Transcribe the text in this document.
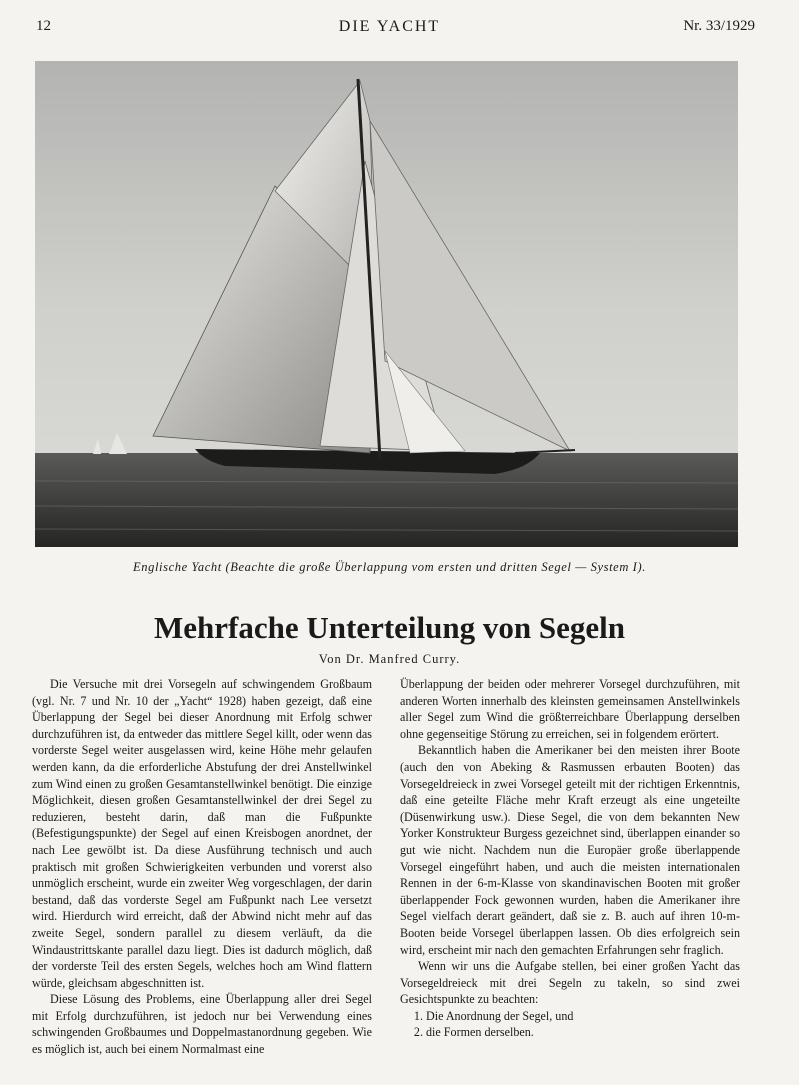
12	DIE YACHT	Nr. 33/1929
Englische Yacht (Beachte die große Überlappung vom ersten und dritten Segel — System I).
Mehrfache Unterteilung von Segeln
Von Dr. Manfred Curry.

Die Versuche mit drei Vorsegeln auf schwingendem Großbaum (vgl. Nr. 7 und Nr. 10 der „Yacht“ 1928) haben gezeigt, daß eine Überlappung der Segel bei dieser Anordnung mit Erfolg schwer durchzuführen ist, da entweder das mittlere Segel killt, oder wenn das vorderste Segel weiter ausgelassen wird, keine Höhe mehr gelaufen werden kann, da die erforderliche Abstufung der drei Anstellwinkel zum Wind einen zu großen Gesamtanstellwinkel benötigt. Die einzige Möglichkeit, diesen großen Gesamtanstellwinkel der drei Segel zu reduzieren, besteht darin, daß man die Fußpunkte (Befestigungspunkte) der Segel auf einen Kreisbogen anordnet, der nach Lee gewölbt ist. Da diese Ausführung technisch und auch praktisch mit großen Schwierigkeiten verbunden und vorerst also unmöglich erscheint, wurde ein zweiter Weg vorgeschlagen, der darin bestand, daß das vorderste Segel am Fußpunkt nach Lee versetzt wird. Hierdurch wird erreicht, daß der Abwind nicht mehr auf das zweite Segel, sondern parallel zu diesem verläuft, da die Windaustrittskante parallel dazu liegt. Dies ist dadurch möglich, daß der vorderste Teil des ersten Segels, welches hoch am Wind flattern würde, gleichsam abgeschnitten ist.

Diese Lösung des Problems, eine Überlappung aller drei Segel mit Erfolg durchzuführen, ist jedoch nur bei Verwendung eines schwingenden Großbaumes und Doppelmastanordnung gegeben. Wie es möglich ist, auch bei einem Normalmast eine

Überlappung der beiden oder mehrerer Vorsegel durchzuführen, mit anderen Worten innerhalb des kleinsten gemeinsamen Anstellwinkels aller Segel zum Wind die größterreichbare Überlappung derselben ohne gegenseitige Störung zu erreichen, sei in folgendem erörtert.

Bekanntlich haben die Amerikaner bei den meisten ihrer Boote (auch den von Abeking & Rasmussen erbauten Booten) das Vorsegeldreieck in zwei Vorsegel geteilt mit der richtigen Erkenntnis, daß eine geteilte Fläche mehr Kraft erzeugt als eine ungeteilte (Düsenwirkung usw.). Diese Segel, die von dem bekannten New Yorker Konstrukteur Burgess gezeichnet sind, überlappen einander so gut wie nicht. Nachdem nun die Europäer große überlappende Vorsegel eingeführt haben, und auch die meisten internationalen Rennen in der 6-m-Klasse von skandinavischen Booten mit großer überlappender Fock gewonnen wurden, haben die Amerikaner ihre Segel vielfach derart geändert, daß sie z. B. auch auf ihren 10-m-Booten beide Vorsegel überlappen lassen. Ob dies erfolgreich sein wird, erscheint mir nach den gemachten Erfahrungen sehr fraglich.

Wenn wir uns die Aufgabe stellen, bei einer großen Yacht das Vorsegeldreieck mit drei Segeln zu takeln, so sind zwei Gesichtspunkte zu beachten:

1. Die Anordnung der Segel, und
2. die Formen derselben.
